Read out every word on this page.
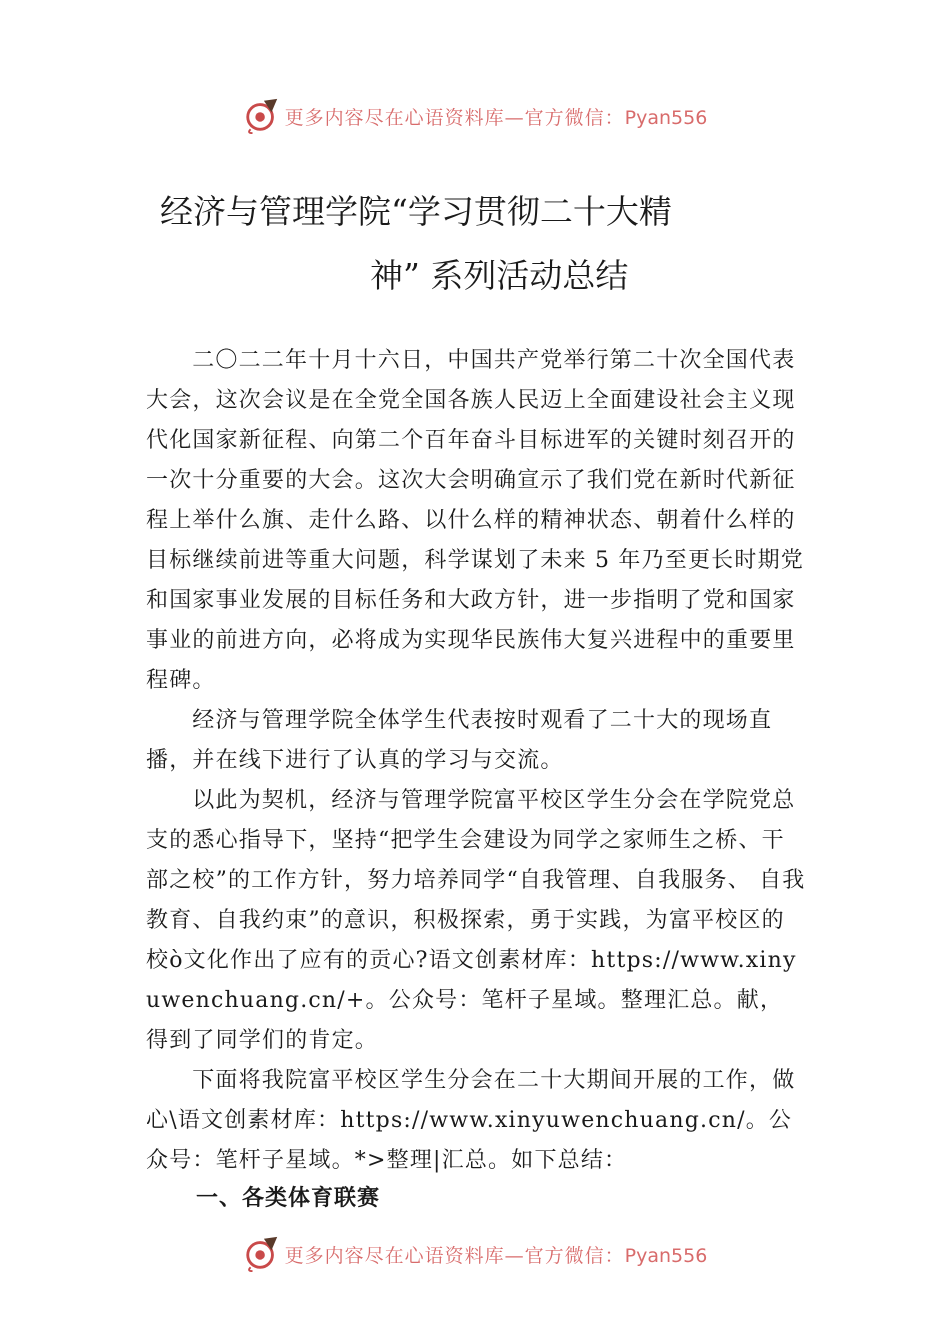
更多内容尽在心语资料库—官方微信：Pyan556
经济与管理学院“学习贯彻二十大精
神” 系列活动总结

二〇二二年十月十六日，中国共产党举行第二十次全国代表大会，这次会议是在全党全国各族人民迈上全面建设社会主义现代化国家新征程、向第二个百年奋斗目标进军的关键时刻召开的一次十分重要的大会。这次大会明确宣示了我们党在新时代新征程上举什么旗、走什么路、以什么样的精神状态、朝着什么样的目标继续前进等重大问题，科学谋划了未来 5 年乃至更长时期党和国家事业发展的目标任务和大政方针，进一步指明了党和国家事业的前进方向，必将成为实现华民族伟大复兴进程中的重要里程碑。

经济与管理学院全体学生代表按时观看了二十大的现场直播，并在线下进行了认真的学习与交流。

以此为契机，经济与管理学院富平校区学生分会在学院党总支的悉心指导下，坚持“把学生会建设为同学之家师生之桥、干部之校”的工作方针，努力培养同学“自我管理、自我服务、 自我教育、自我约束”的意识，积极探索，勇于实践，为富平校区的校ò文化作出了应有的贡心?语文创素材库：https://www.xinyuwenchuang.cn/+。公众号：笔杆子星域。整理汇总。献，得到了同学们的肯定。

下面将我院富平校区学生分会在二十大期间开展的工作，做心\语文创素材库：https://www.xinyuwenchuang.cn/。公众号：笔杆子星域。*>整理|汇总。如下总结：

一、各类体育联赛
更多内容尽在心语资料库—官方微信：Pyan556
